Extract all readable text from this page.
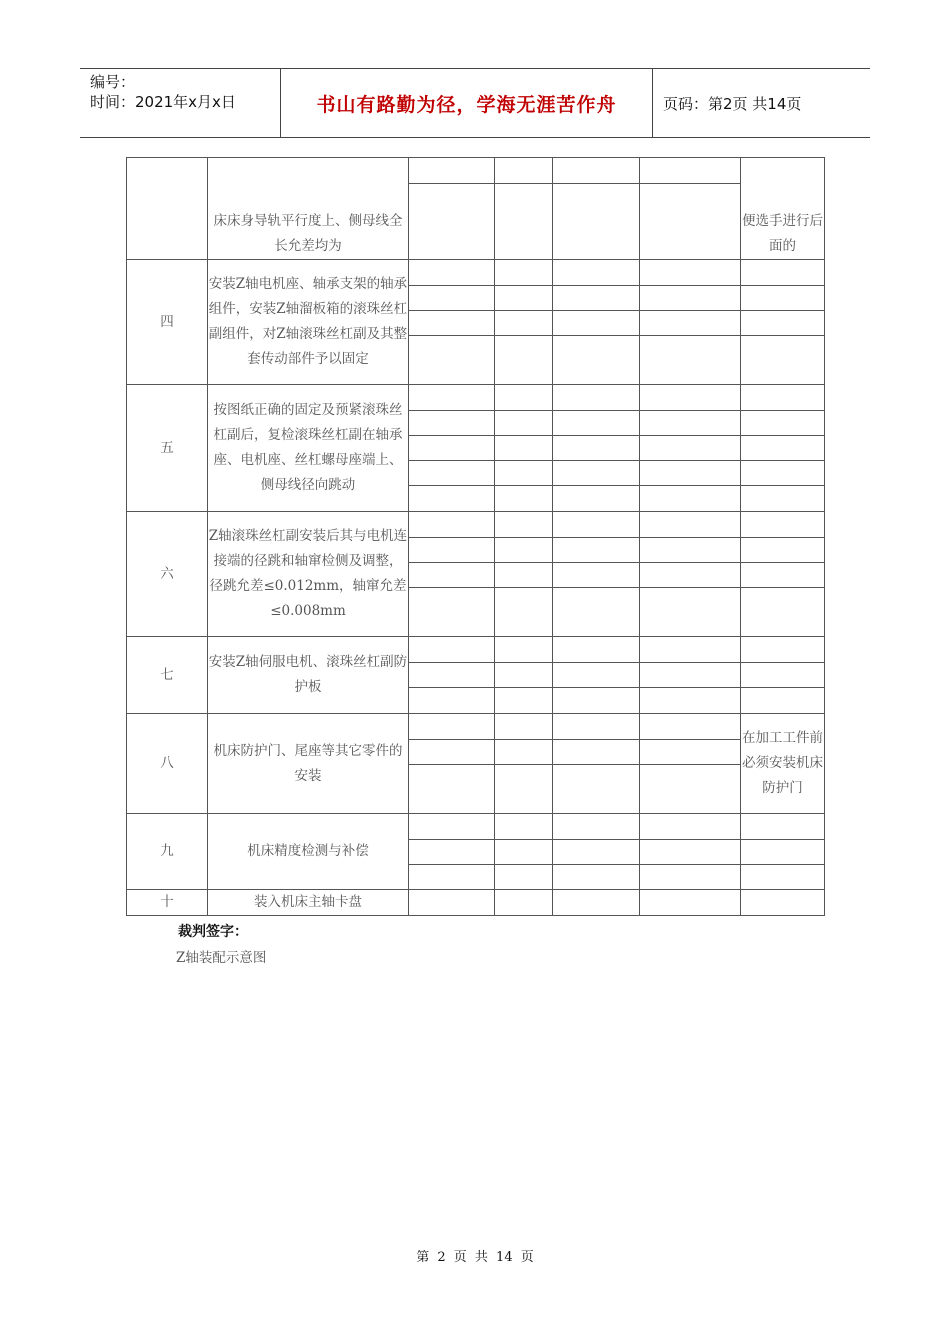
编号：
时间：2021年x月x日	书山有路勤为径，学海无涯苦作舟	页码：第2页 共14页
	床床身导轨平行度上、侧母线全长允差均为					便选手进行后面的

四	安装Z轴电机座、轴承支架的轴承组件，安装Z轴溜板箱的滚珠丝杠副组件，对Z轴滚珠丝杠副及其整套传动部件予以固定					

五	按图纸正确的固定及预紧滚珠丝杠副后，复检滚珠丝杠副在轴承座、电机座、丝杠螺母座端上、侧母线径向跳动					

六	Z轴滚珠丝杠副安装后其与电机连接端的径跳和轴窜检侧及调整，径跳允差≤0.012mm，轴窜允差≤0.008mm					

七	安装Z轴伺服电机、滚珠丝杠副防护板					

八	机床防护门、尾座等其它零件的安装					在加工工件前必须安装机床防护门

九	机床精度检测与补偿					

十	装入机床主轴卡盘					
裁判签字：
Z轴装配示意图
第 2 页 共 14 页
